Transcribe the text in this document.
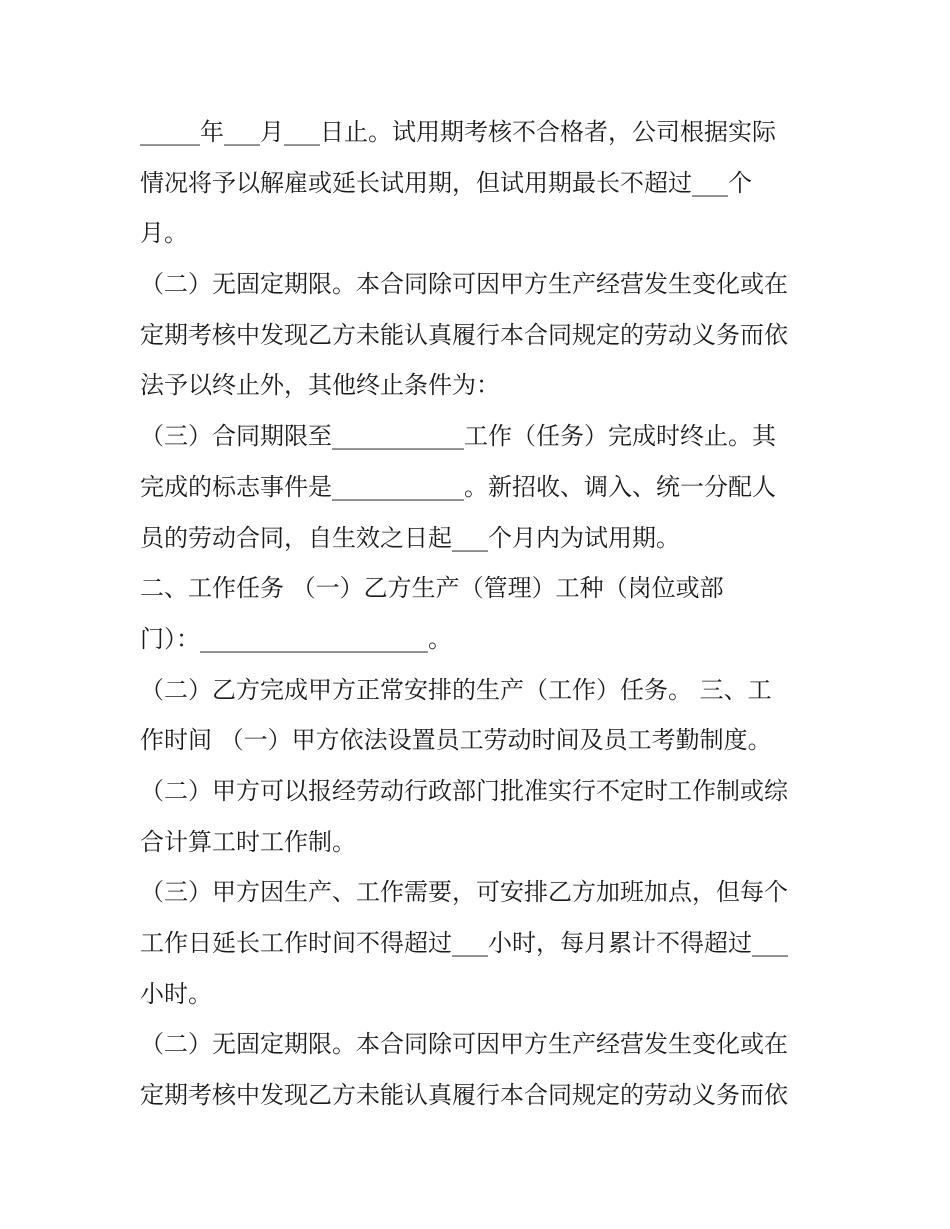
_____年___月___日止。试用期考核不合格者，公司根据实际
情况将予以解雇或延长试用期，但试用期最长不超过___个
月。
（二）无固定期限。本合同除可因甲方生产经营发生变化或在
定期考核中发现乙方未能认真履行本合同规定的劳动义务而依
法予以终止外，其他终止条件为：
（三）合同期限至___________工作（任务）完成时终止。其
完成的标志事件是___________。新招收、调入、统一分配人
员的劳动合同，自生效之日起___个月内为试用期。
二、工作任务 （一）乙方生产（管理）工种（岗位或部
门）：___________________。
（二）乙方完成甲方正常安排的生产（工作）任务。 三、工
作时间 （一）甲方依法设置员工劳动时间及员工考勤制度。
（二）甲方可以报经劳动行政部门批准实行不定时工作制或综
合计算工时工作制。
（三）甲方因生产、工作需要，可安排乙方加班加点，但每个
工作日延长工作时间不得超过___小时，每月累计不得超过___
小时。
（二）无固定期限。本合同除可因甲方生产经营发生变化或在
定期考核中发现乙方未能认真履行本合同规定的劳动义务而依
